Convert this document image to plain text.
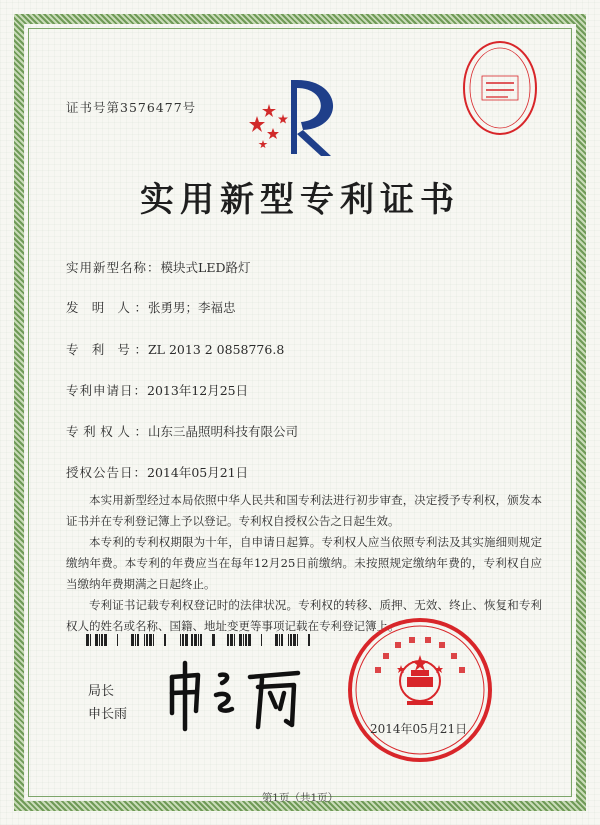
证书号第3576477号
实用新型专利证书
实用新型名称：模块式LED路灯
发 明 人：张勇男；李福忠
专 利 号：ZL 2013 2 0858776.8
专利申请日：2013年12月25日
专利权人：山东三晶照明科技有限公司
授权公告日：2014年05月21日

本实用新型经过本局依照中华人民共和国专利法进行初步审查，决定授予专利权，颁发本证书并在专利登记簿上予以登记。专利权自授权公告之日起生效。

本专利的专利权期限为十年，自申请日起算。专利权人应当依照专利法及其实施细则规定缴纳年费。本专利的年费应当在每年12月25日前缴纳。未按照规定缴纳年费的，专利权自应当缴纳年费期满之日起终止。

专利证书记载专利权登记时的法律状况。专利权的转移、质押、无效、终止、恢复和专利权人的姓名或名称、国籍、地址变更等事项记载在专利登记簿上。

局长
申长雨
2014年05月21日
第1页（共1页）
